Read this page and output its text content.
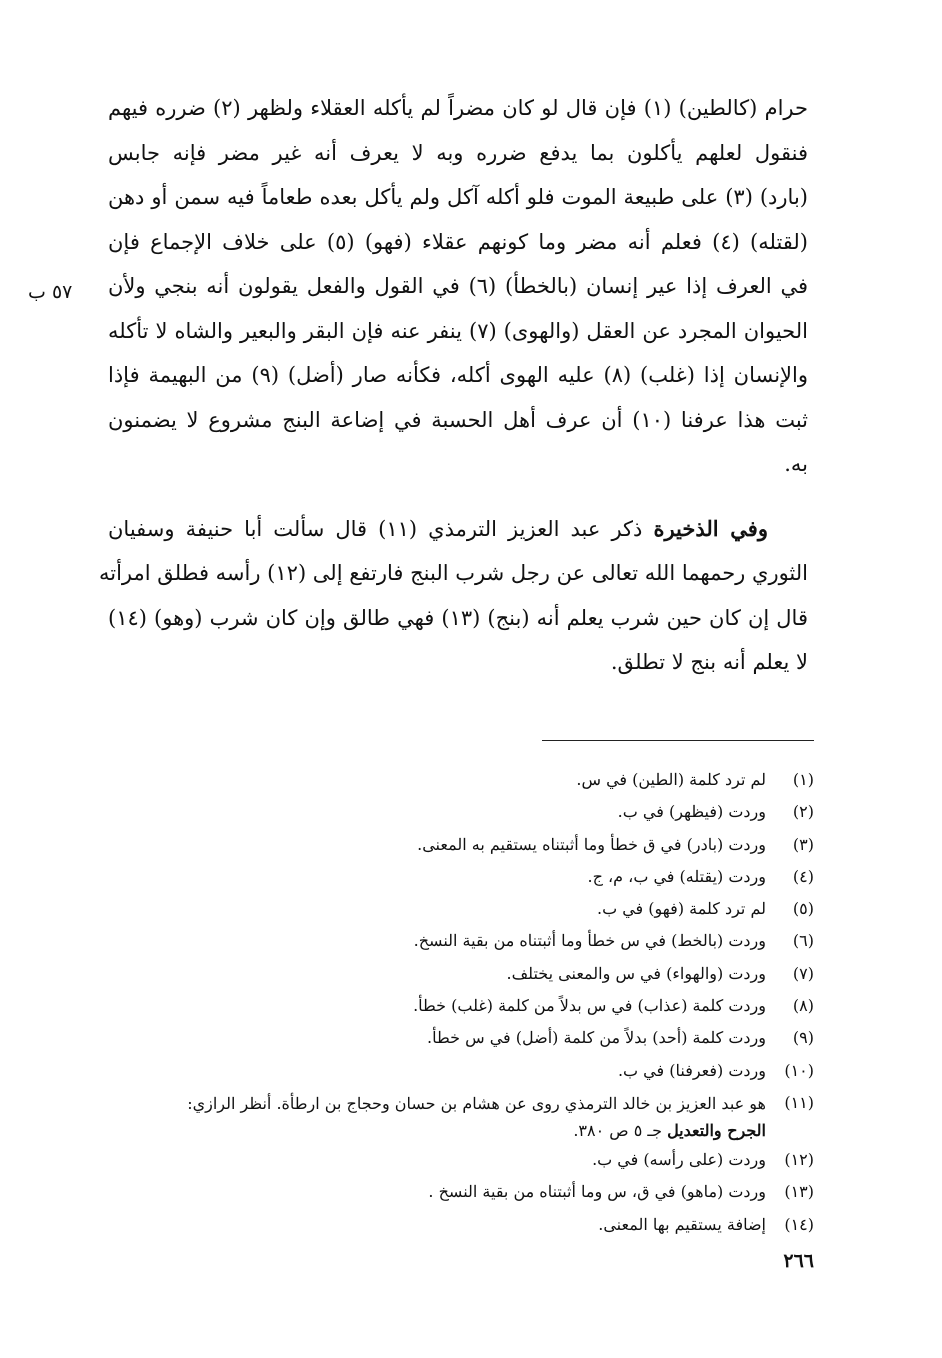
حرام (كالطين) (١) فإن قال لو كان مضراً لم يأكله العقلاء ولظهر (٢) ضرره فيهم
فنقول لعلهم يأكلون بما يدفع ضرره وبه لا يعرف أنه غير مضر فإنه جابس
(بارد) (٣) على طبيعة الموت فلو أكله آكل ولم يأكل بعده طعاماً فيه سمن أو دهن
(لقتله) (٤) فعلم أنه مضر وما كونهم عقلاء (فهو) (٥) على خلاف الإجماع فإن
في العرف إذا عير إنسان (بالخطأ) (٦) في القول والفعل يقولون أنه بنجي ولأن
الحيوان المجرد عن العقل (والهوى) (٧) ينفر عنه فإن البقر والبعير والشاه لا تأكله
والإنسان إذا (غلب) (٨) عليه الهوى أكله، فكأنه صار (أضل) (٩) من البهيمة فإذا
ثبت هذا عرفنا (١٠) أن عرف أهل الحسبة في إضاعة البنج مشروع لا يضمنون
به.
وفي الذخيرة ذكر عبد العزيز الترمذي (١١) قال سألت أبا حنيفة وسفيان
الثوري رحمهما الله تعالى عن رجل شرب البنج فارتفع إلى (١٢) رأسه فطلق امرأته
قال إن كان حين شرب يعلم أنه (بنج) (١٣) فهي طالق وإن كان شرب (وهو) (١٤)
لا يعلم أنه بنج لا تطلق.
٥٧ ب
(١)
لم ترد كلمة (الطين) في س.
(٢)
وردت (فيظهر) في ب.
(٣)
وردت (بادر) في ق خطأ وما أثبتناه يستقيم به المعنى.
(٤)
وردت (يقتله) في ب، م، ج.
(٥)
لم ترد كلمة (فهو) في ب.
(٦)
وردت (بالخط) في س خطأ وما أثبتناه من بقية النسخ.
(٧)
وردت (والهواء) في س والمعنى يختلف.
(٨)
وردت كلمة (عذاب) في س بدلاً من كلمة (غلب) خطأ.
(٩)
وردت كلمة (أحد) بدلاً من كلمة (أضل) في س خطأ.
(١٠)
وردت (فعرفنا) في ب.
(١١)
هو عبد العزيز بن خالد الترمذي روى عن هشام بن حسان وحجاج بن ارطأة. أنظر الرازي:
الجرح والتعديل جـ ٥ ص ٣٨٠.
(١٢)
وردت (على رأسه) في ب.
(١٣)
وردت (ماهو) في ق، س وما أثبتناه من بقية النسخ .
(١٤)
إضافة يستقيم بها المعنى.
٢٦٦
